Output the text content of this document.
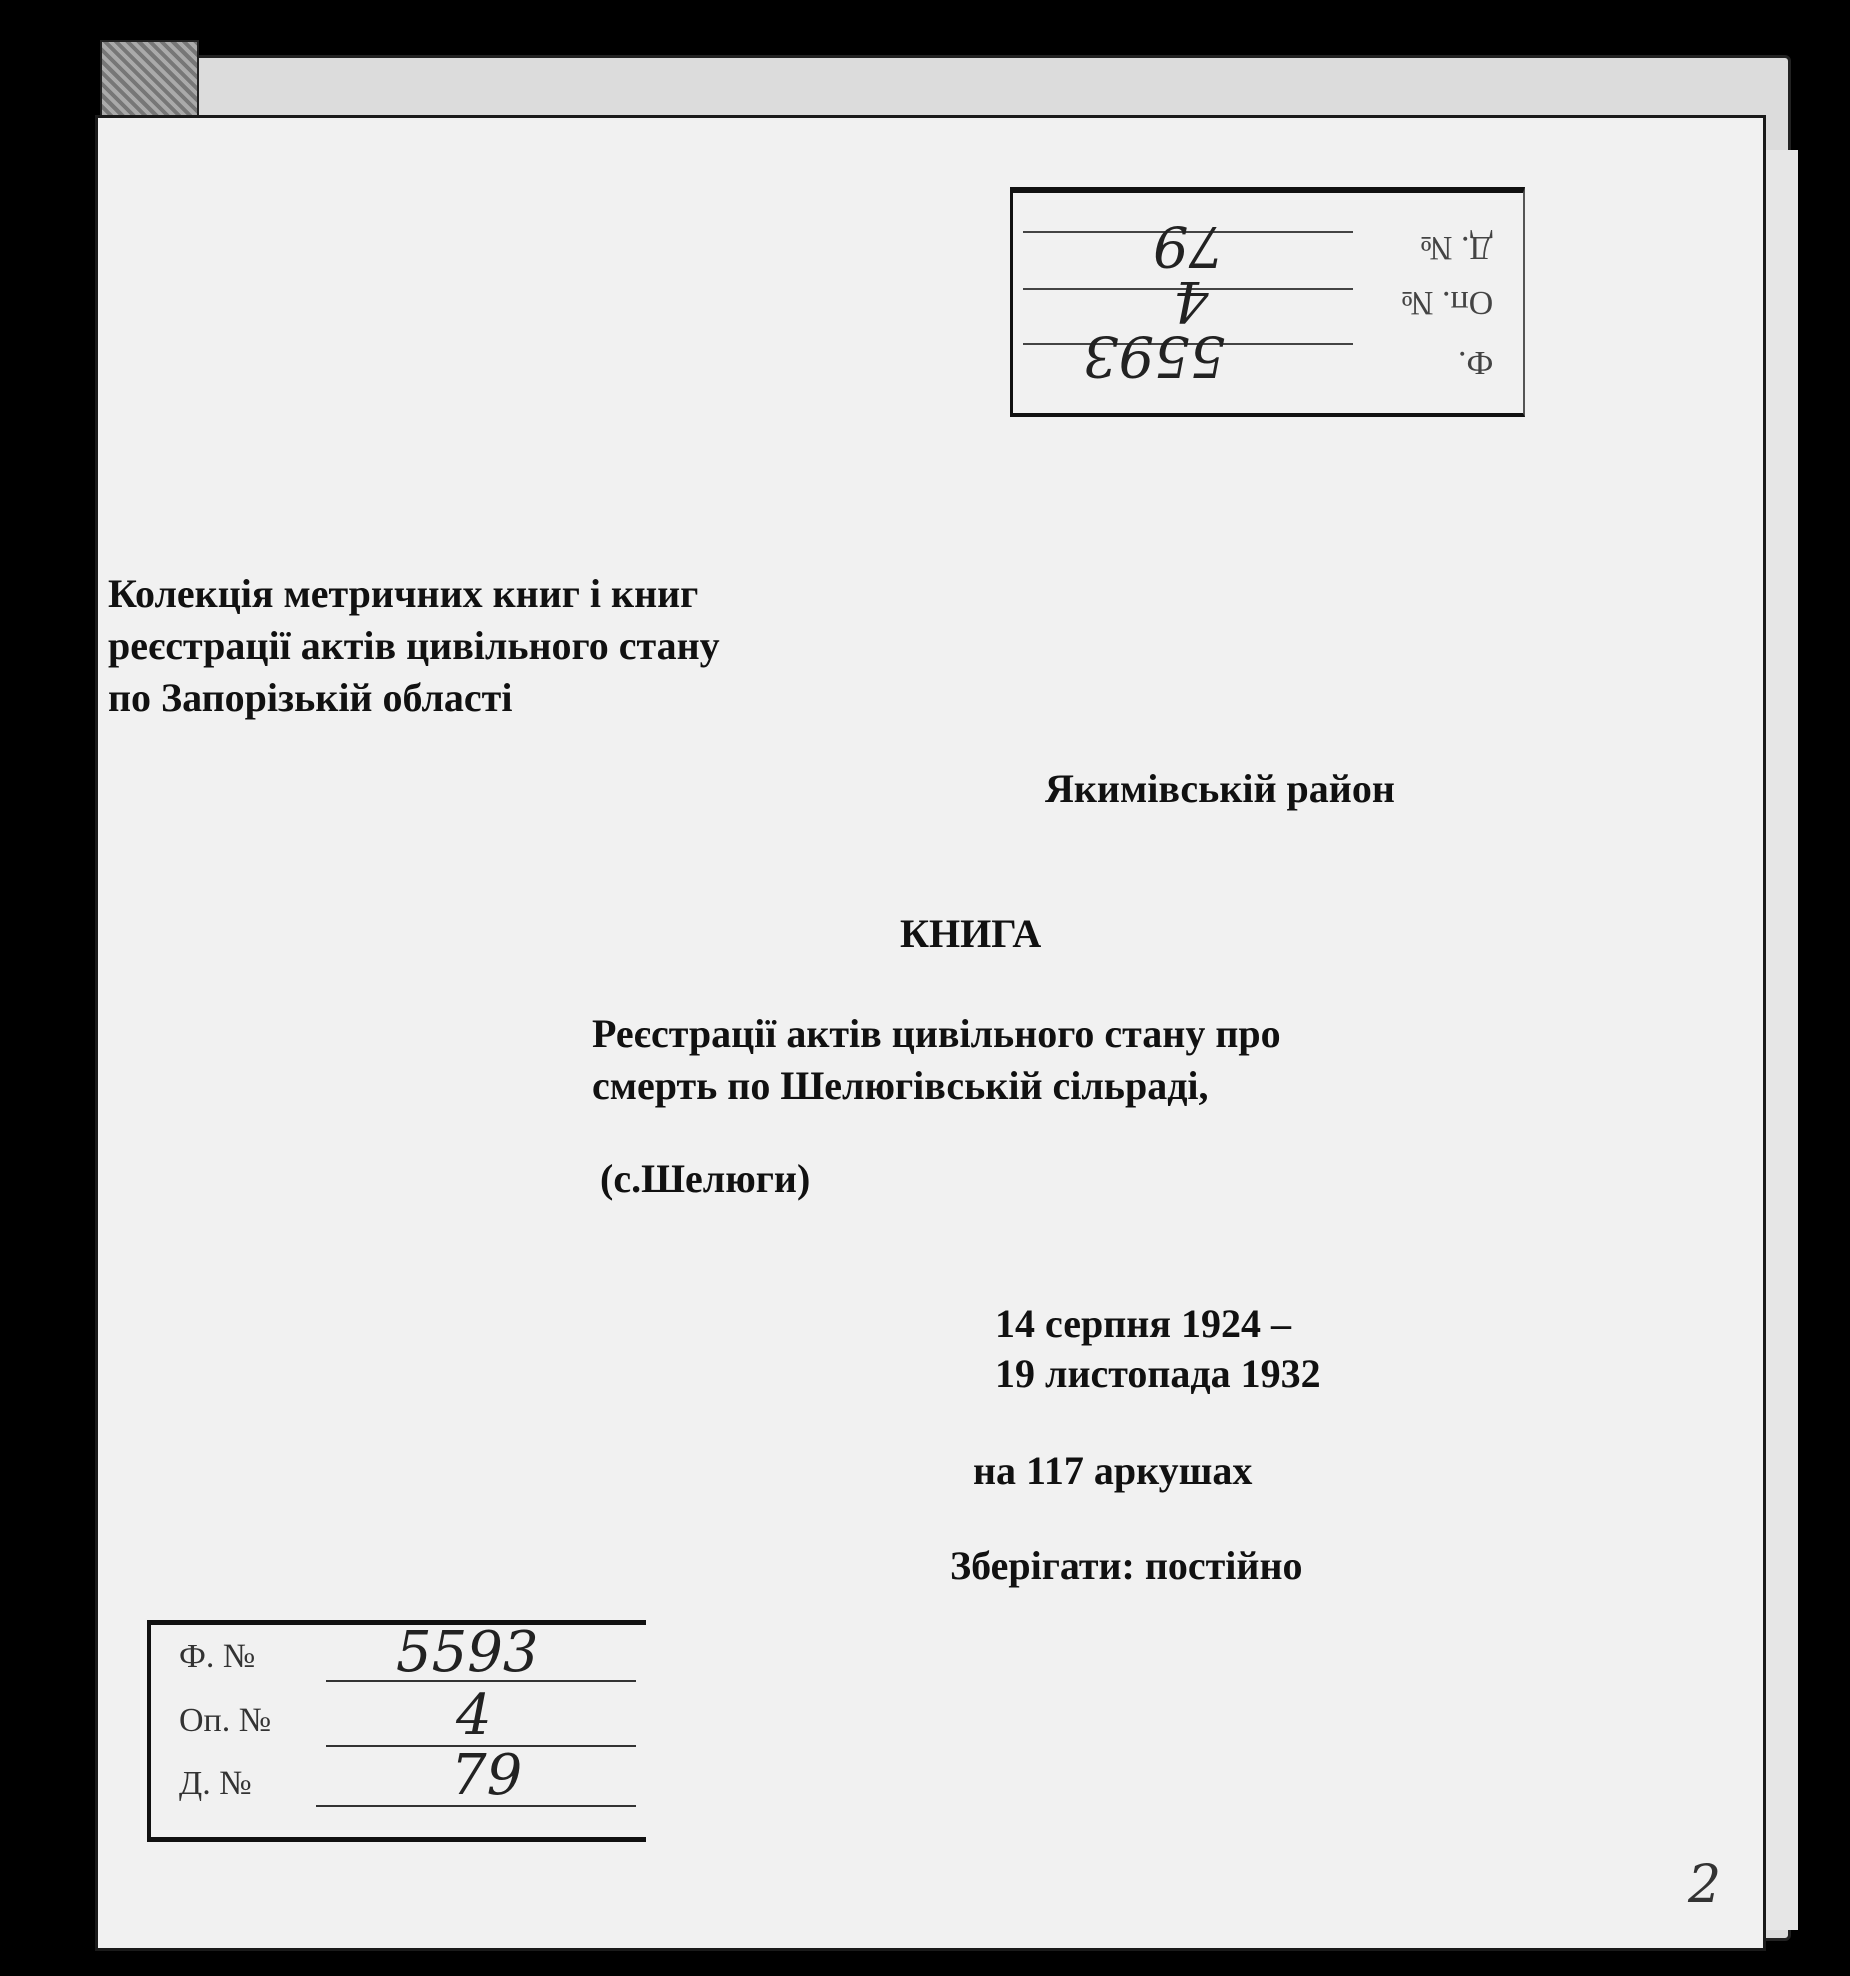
Д. №
Оп. №
Ф.
79
4
5593
Колекція метричних книг і книг
реєстрації актів цивільного стану
по Запорізькій області
Якимівській район
КНИГА
Реєстрації актів цивільного стану про
смерть по Шелюгівській сільраді,
(с.Шелюги)
14 серпня 1924 –
19 листопада 1932
на 117 аркушах
Зберігати: постійно
Ф. №
Оп. №
Д. №
5593
4
79
2
